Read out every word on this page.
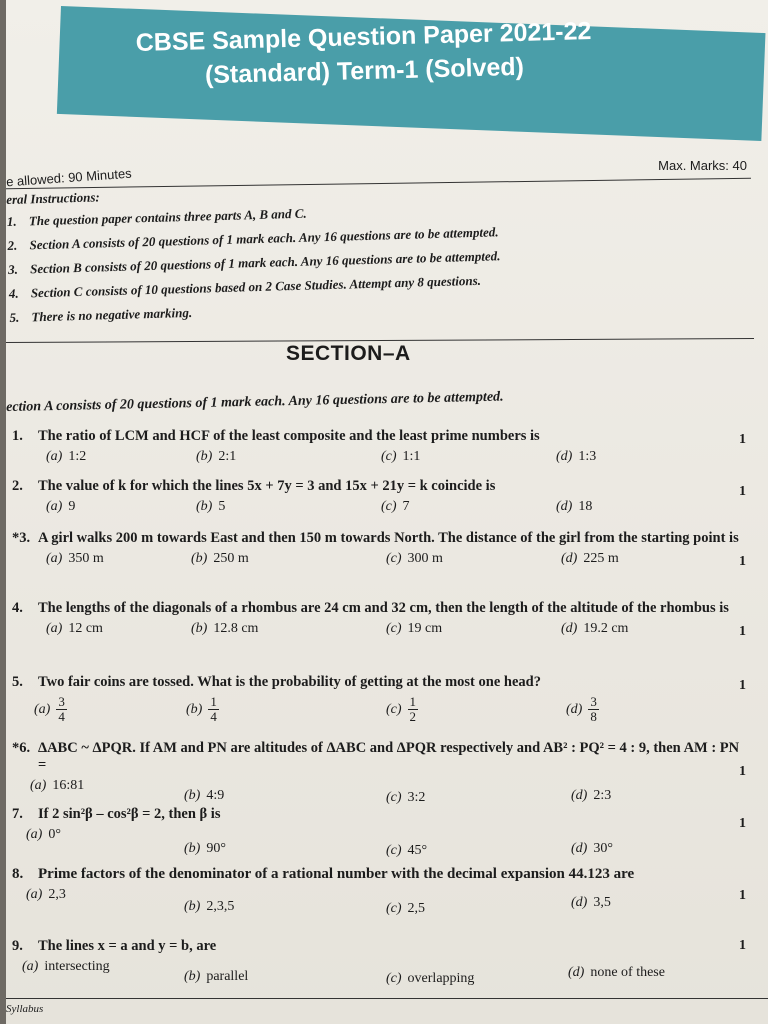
CBSE Sample Question Paper 2021-22
(Standard) Term-1 (Solved)
e allowed: 90 Minutes
Max. Marks: 40
eral Instructions:
1. The question paper contains three parts A, B and C.
2. Section A consists of 20 questions of 1 mark each. Any 16 questions are to be attempted.
3. Section B consists of 20 questions of 1 mark each. Any 16 questions are to be attempted.
4. Section C consists of 10 questions based on 2 Case Studies. Attempt any 8 questions.
5. There is no negative marking.
SECTION–A
ection A consists of 20 questions of 1 mark each. Any 16 questions are to be attempted.
1. The ratio of LCM and HCF of the least composite and the least prime numbers is	1
(a) 1:2	(b) 2:1	(c) 1:1	(d) 1:3
2. The value of k for which the lines 5x + 7y = 3 and 15x + 21y = k coincide is	1
(a) 9	(b) 5	(c) 7	(d) 18
*3. A girl walks 200 m towards East and then 150 m towards North. The distance of the girl from the starting point is
1
(a) 350 m	(b) 250 m	(c) 300 m	(d) 225 m
4. The lengths of the diagonals of a rhombus are 24 cm and 32 cm, then the length of the altitude of the rhombus is
1
(a) 12 cm	(b) 12.8 cm	(c) 19 cm	(d) 19.2 cm
5. Two fair coins are tossed. What is the probability of getting at the most one head?	1
$(a) \frac{3}{4}$	$(b) \frac{1}{4}$	$(c) \frac{1}{2}$	$(d) \frac{3}{8}$
*6. ΔABC ~ ΔPQR. If AM and PN are altitudes of ΔABC and ΔPQR respectively and AB² : PQ² = 4 : 9, then AM : PN =	1
(a) 16:81
(b) 4:9	(c) 3:2	(d) 2:3
7. If 2 sin²β – cos²β = 2, then β is
1
(a) 0°
(b) 90°	(c) 45°	(d) 30°
8. Prime factors of the denominator of a rational number with the decimal expansion 44.123 are
1
(a) 2,3
(b) 2,3,5	(c) 2,5	(d) 3,5
9. The lines x = a and y = b, are	1
(a) intersecting
(b) parallel	(c) overlapping	(d) none of these
Syllabus
